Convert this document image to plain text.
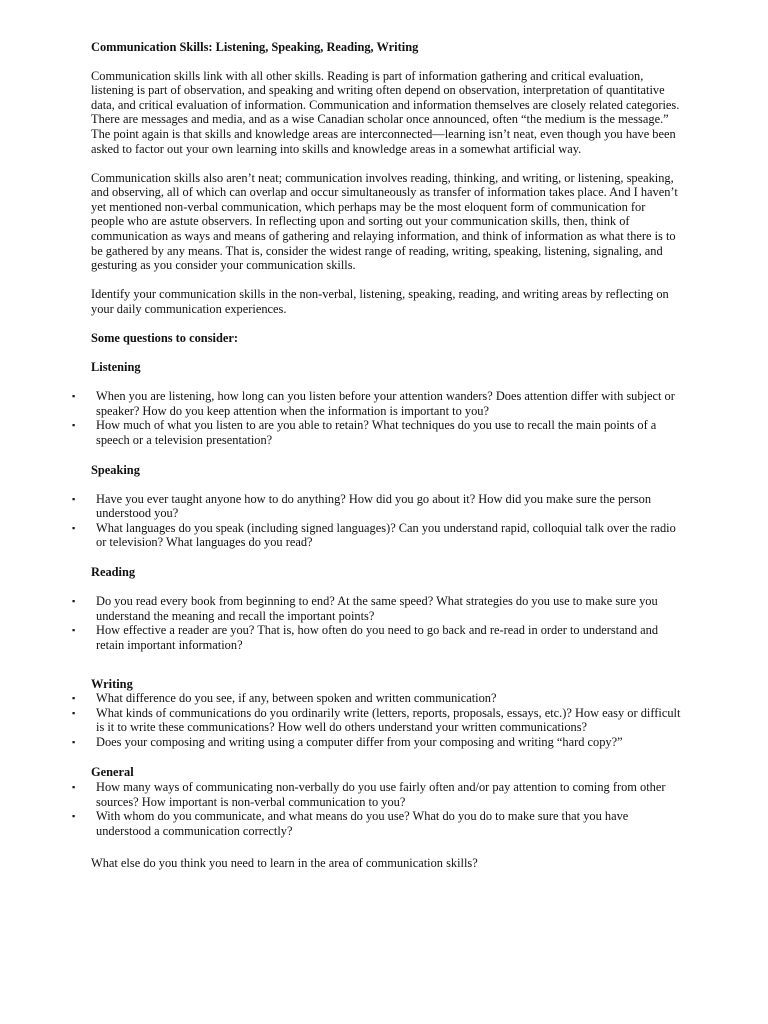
Communication Skills: Listening, Speaking, Reading, Writing

Communication skills link with all other skills. Reading is part of information gathering and critical evaluation, listening is part of observation, and speaking and writing often depend on observation, interpretation of quantitative data, and critical evaluation of information. Communication and information themselves are closely related categories. There are messages and media, and as a wise Canadian scholar once announced, often “the medium is the message.” The point again is that skills and knowledge areas are interconnected—learning isn’t neat, even though you have been asked to factor out your own learning into skills and knowledge areas in a somewhat artificial way.

Communication skills also aren’t neat; communication involves reading, thinking, and writing, or listening, speaking, and observing, all of which can overlap and occur simultaneously as transfer of information takes place. And I haven’t yet mentioned non-verbal communication, which perhaps may be the most eloquent form of communication for people who are astute observers. In reflecting upon and sorting out your communication skills, then, think of communication as ways and means of gathering and relaying information, and think of information as what there is to be gathered by any means. That is, consider the widest range of reading, writing, speaking, listening, signaling, and gesturing as you consider your communication skills.

Identify your communication skills in the non-verbal, listening, speaking, reading, and writing areas by reflecting on your daily communication experiences.

Some questions to consider:

Listening

▪ When you are listening, how long can you listen before your attention wanders? Does attention differ with subject or speaker? How do you keep attention when the information is important to you?
▪ How much of what you listen to are you able to retain? What techniques do you use to recall the main points of a speech or a television presentation?

Speaking

▪ Have you ever taught anyone how to do anything? How did you go about it? How did you make sure the person understood you?
▪ What languages do you speak (including signed languages)? Can you understand rapid, colloquial talk over the radio or television? What languages do you read?

Reading

▪ Do you read every book from beginning to end? At the same speed? What strategies do you use to make sure you understand the meaning and recall the important points?
▪ How effective a reader are you? That is, how often do you need to go back and re-read in order to understand and retain important information?
Writing
▪ What difference do you see, if any, between spoken and written communication?
▪ What kinds of communications do you ordinarily write (letters, reports, proposals, essays, etc.)? How easy or difficult is it to write these communications? How well do others understand your written communications?
▪ Does your composing and writing using a computer differ from your composing and writing “hard copy?”
General
▪ How many ways of communicating non-verbally do you use fairly often and/or pay attention to coming from other sources? How important is non-verbal communication to you?
▪ With whom do you communicate, and what means do you use? What do you do to make sure that you have understood a communication correctly?

What else do you think you need to learn in the area of communication skills?
